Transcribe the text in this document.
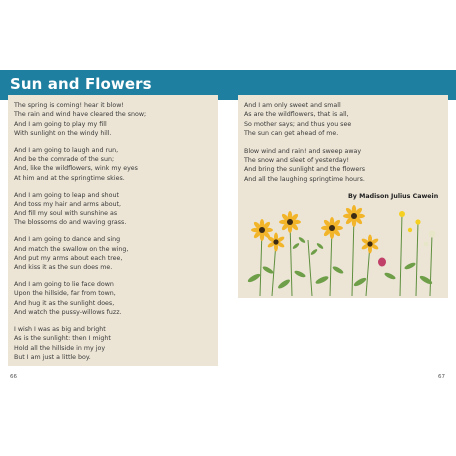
Sun and Flowers
The spring is coming! hear it blow!
The rain and wind have cleared the snow;
And I am going to play my fill
With sunlight on the windy hill.
And I am going to laugh and run,
And be the comrade of the sun;
And, like the wildflowers, wink my eyes
At him and at the springtime skies.
And I am going to leap and shout
And toss my hair and arms about,
And fill my soul with sunshine as
The blossoms do and waving grass.
And I am going to dance and sing
And match the swallow on the wing,
And put my arms about each tree,
And kiss it as the sun does me.
And I am going to lie face down
Upon the hillside, far from town,
And hug it as the sunlight does,
And watch the pussy-willows fuzz.
I wish I was as big and bright
As is the sunlight: then I might
Hold all the hillside in my joy
But I am just a little boy.
And I am only sweet and small
As are the wildflowers, that is all,
So mother says; and thus you see
The sun can get ahead of me.
Blow wind and rain! and sweep away
The snow and sleet of yesterday!
And bring the sunlight and the flowers
And all the laughing springtime hours.
By Madison Julius Cawein
66	67
